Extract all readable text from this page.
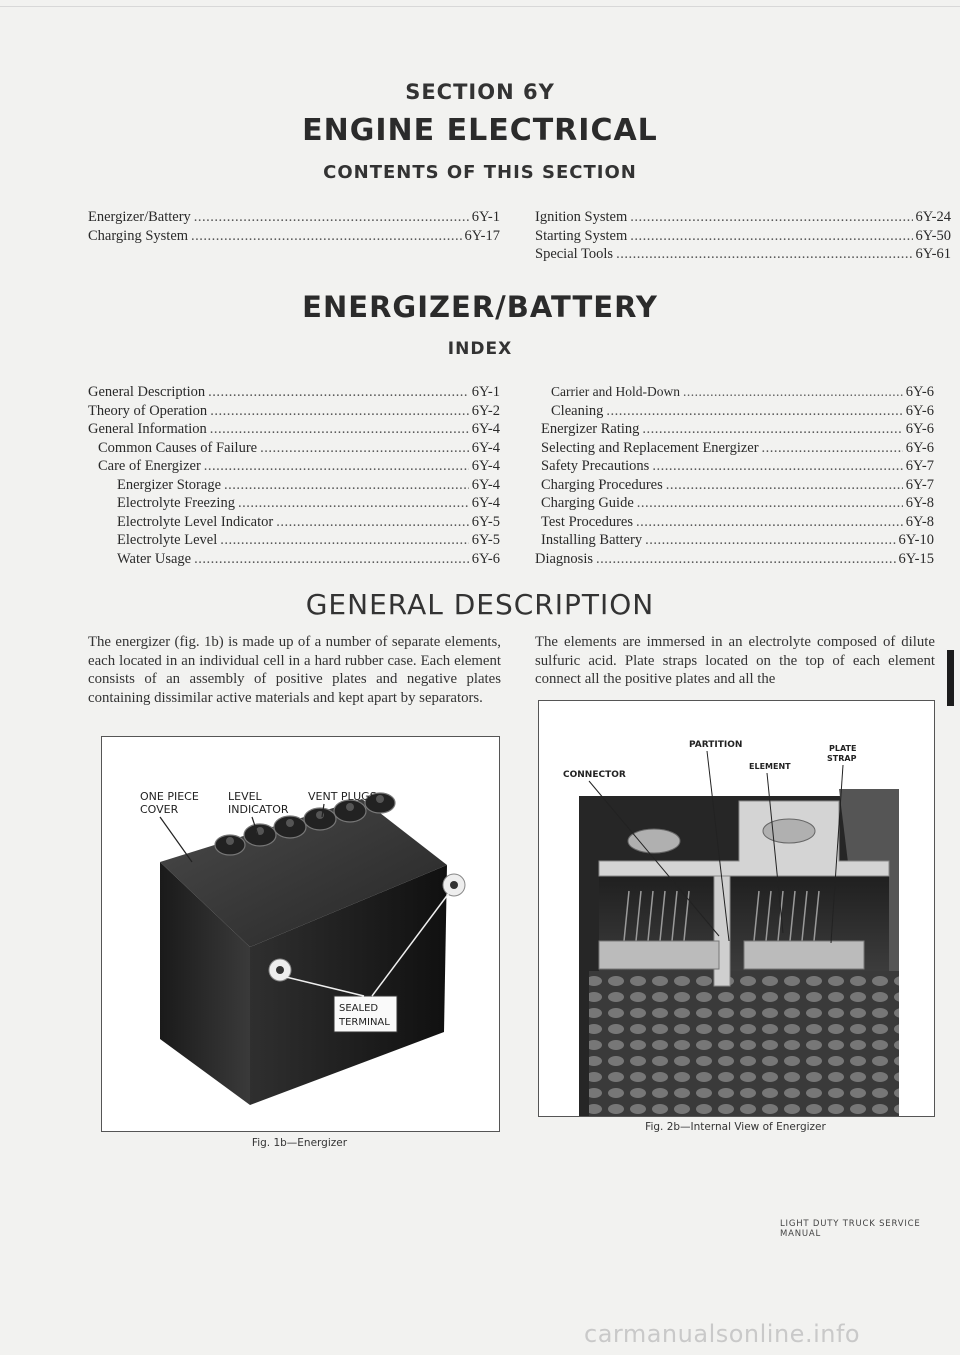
SECTION 6Y
ENGINE ELECTRICAL
CONTENTS OF THIS SECTION
Energizer/Battery .....	6Y-1
Charging System .....	6Y-17
Ignition System .....	6Y-24
Starting System .....	6Y-50
Special Tools .....	6Y-61
ENERGIZER/BATTERY
INDEX
General Description .....	6Y-1
Theory of Operation .....	6Y-2
General Information .....	6Y-4
Common Causes of Failure .....	6Y-4
Care of Energizer .....	6Y-4
Energizer Storage .....	6Y-4
Electrolyte Freezing .....	6Y-4
Electrolyte Level Indicator .....	6Y-5
Electrolyte Level .....	6Y-5
Water Usage .....	6Y-6
Carrier and Hold-Down .....	6Y-6
Cleaning .....	6Y-6
Energizer Rating .....	6Y-6
Selecting and Replacement Energizer .....	6Y-6
Safety Precautions .....	6Y-7
Charging Procedures .....	6Y-7
Charging Guide .....	6Y-8
Test Procedures .....	6Y-8
Installing Battery .....	6Y-10
Diagnosis .....	6Y-15
GENERAL DESCRIPTION
The energizer (fig. 1b) is made up of a number of separate elements, each located in an individual cell in a hard rubber case. Each element consists of an assembly of positive plates and negative plates containing dissimilar active materials and kept apart by separators.
The elements are immersed in an electrolyte composed of dilute sulfuric acid. Plate straps located on the top of each element connect all the positive plates and all the
SEALED
TERMINAL
ONE PIECE
COVER
LEVEL
INDICATOR
VENT PLUGS
Fig. 1b—Energizer
PARTITION
CONNECTOR
ELEMENT
PLATE
STRAP
Fig. 2b—Internal View of Energizer
LIGHT DUTY TRUCK SERVICE MANUAL
carmanualsonline.info
